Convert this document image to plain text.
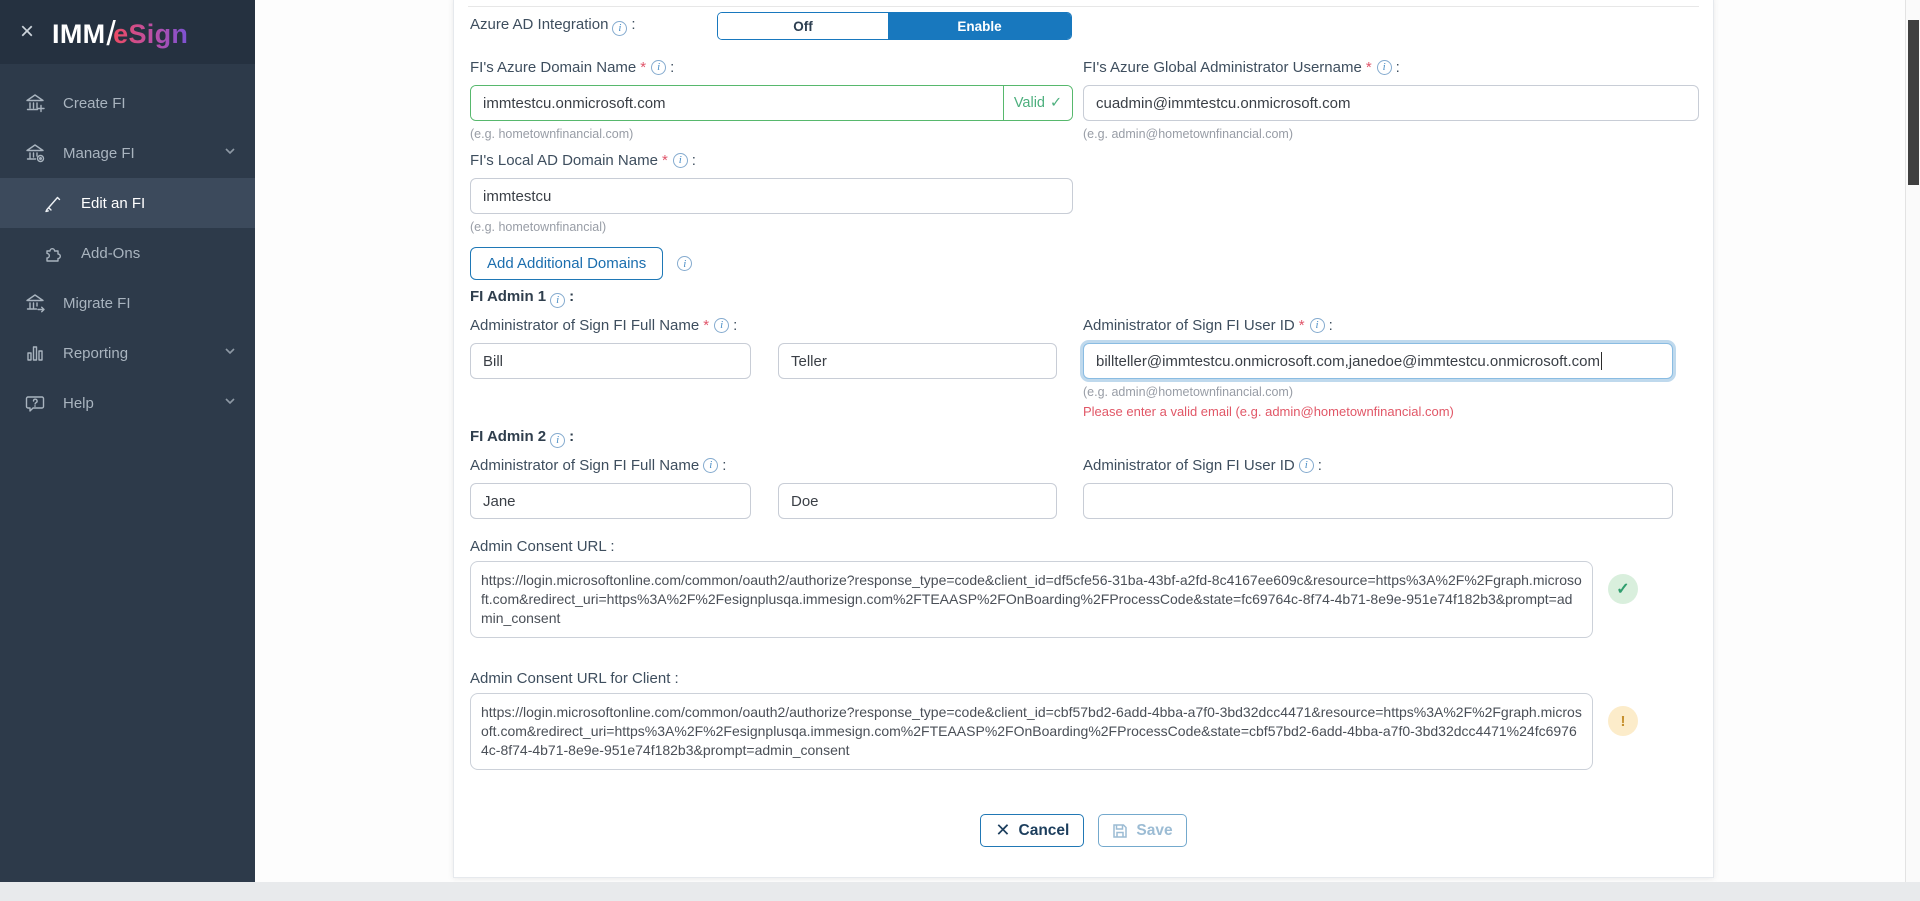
× IMM /
eSign
Create FI
Manage FI
Edit an FI
Add-Ons
Migrate FI
Reporting
Help
Azure AD Integration i :	Off	Enable
FI's Azure Domain Name * i :
immtestcu.onmicrosoft.com
Valid ✓
(e.g. hometownfinancial.com)
FI's Azure Global Administrator Username * i :
cuadmin@immtestcu.onmicrosoft.com
(e.g. admin@hometownfinancial.com)
FI's Local AD Domain Name * i :
immtestcu
(e.g. hometownfinancial)
Add Additional Domains	i
FI Admin 1 i :
Administrator of Sign FI Full Name * i :
Bill
Teller	Administrator of Sign FI User ID * i :
billteller@immtestcu.onmicrosoft.com,janedoe@immtestcu.onmicrosoft.com
(e.g. admin@hometownfinancial.com)
Please enter a valid email (e.g. admin@hometownfinancial.com)
FI Admin 2 i :
Administrator of Sign FI Full Name i :
Jane
Doe	Administrator of Sign FI User ID i :
Admin Consent URL :
https://login.microsoftonline.com/common/oauth2/authorize?response_type=code&client_id=df5cfe56-31ba-43bf-a2fd-8c4167ee609c&resource=https%3A%2F%2Fgraph.microsoft.com&redirect_uri=https%3A%2F%2Fesignplusqa.immesign.com%2FTEAASP%2FOnBoarding%2FProcessCode&state=fc69764c-8f74-4b71-8e9e-951e74f182b3&prompt=admin_consent
✓
Admin Consent URL for Client :
https://login.microsoftonline.com/common/oauth2/authorize?response_type=code&client_id=cbf57bd2-6add-4bba-a7f0-3bd32dcc4471&resource=https%3A%2F%2Fgraph.microsoft.com&redirect_uri=https%3A%2F%2Fesignplusqa.immesign.com%2FTEAASP%2FOnBoarding%2FProcessCode&state=cbf57bd2-6add-4bba-a7f0-3bd32dcc4471%24fc69764c-8f74-4b71-8e9e-951e74f182b3&prompt=admin_consent
!
✕ Cancel	Save
